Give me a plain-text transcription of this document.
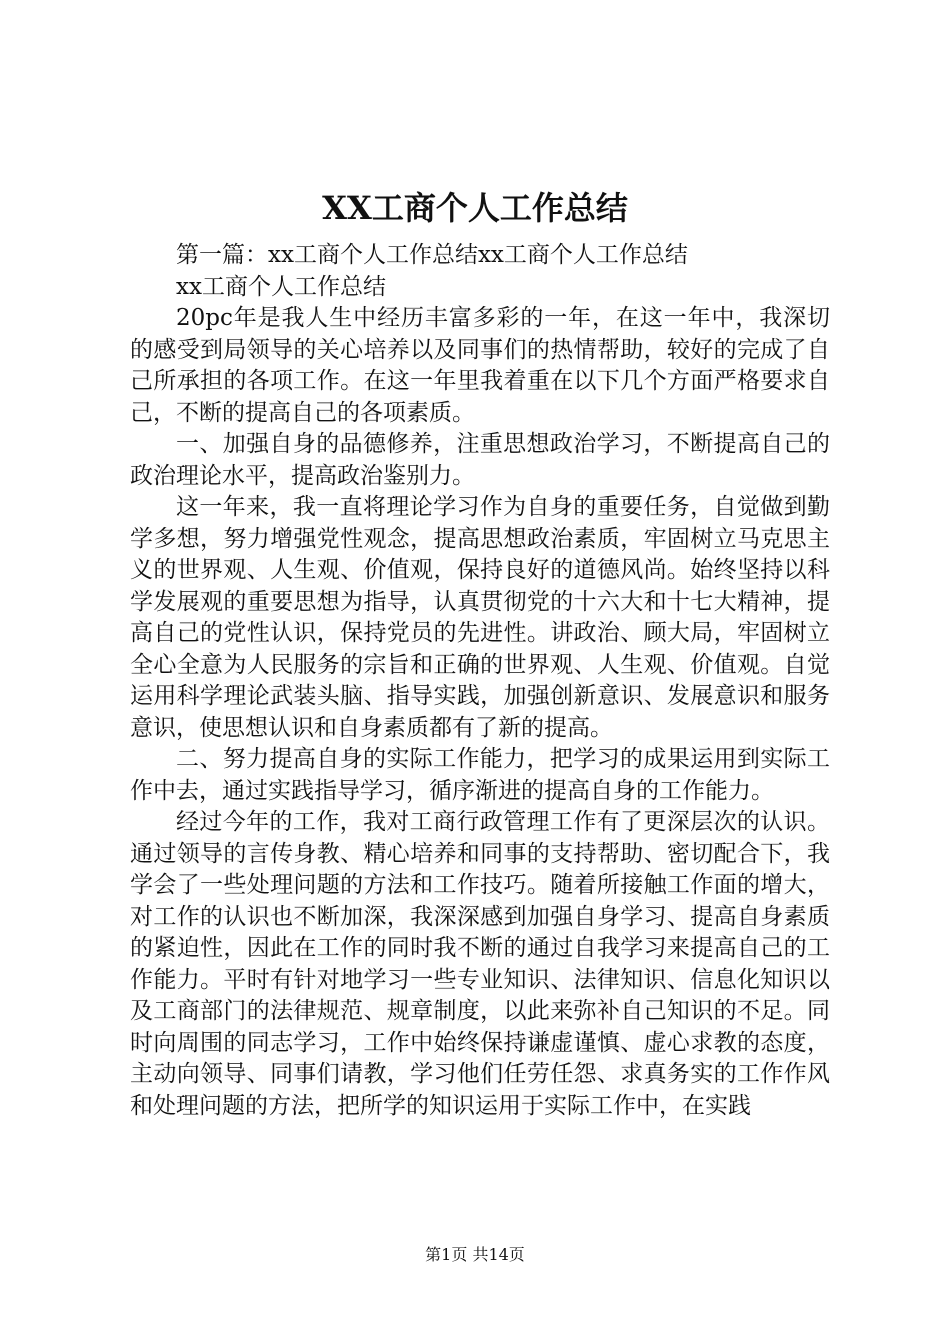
XX工商个人工作总结

第一篇：xx工商个人工作总结xx工商个人工作总结

xx工商个人工作总结

20pc年是我人生中经历丰富多彩的一年，在这一年中，我深切的感受到局领导的关心培养以及同事们的热情帮助，较好的完成了自己所承担的各项工作。在这一年里我着重在以下几个方面严格要求自己，不断的提高自己的各项素质。

一、加强自身的品德修养，注重思想政治学习，不断提高自己的政治理论水平，提高政治鉴别力。

这一年来，我一直将理论学习作为自身的重要任务，自觉做到勤学多想，努力增强党性观念，提高思想政治素质，牢固树立马克思主义的世界观、人生观、价值观，保持良好的道德风尚。始终坚持以科学发展观的重要思想为指导，认真贯彻党的十六大和十七大精神，提高自己的党性认识，保持党员的先进性。讲政治、顾大局，牢固树立全心全意为人民服务的宗旨和正确的世界观、人生观、价值观。自觉运用科学理论武装头脑、指导实践，加强创新意识、发展意识和服务意识，使思想认识和自身素质都有了新的提高。

二、努力提高自身的实际工作能力，把学习的成果运用到实际工作中去，通过实践指导学习，循序渐进的提高自身的工作能力。

经过今年的工作，我对工商行政管理工作有了更深层次的认识。通过领导的言传身教、精心培养和同事的支持帮助、密切配合下，我学会了一些处理问题的方法和工作技巧。随着所接触工作面的增大，对工作的认识也不断加深，我深深感到加强自身学习、提高自身素质的紧迫性，因此在工作的同时我不断的通过自我学习来提高自己的工作能力。平时有针对地学习一些专业知识、法律知识、信息化知识以及工商部门的法律规范、规章制度，以此来弥补自己知识的不足。同时向周围的同志学习，工作中始终保持谦虚谨慎、虚心求教的态度，主动向领导、同事们请教，学习他们任劳任怨、求真务实的工作作风和处理问题的方法，把所学的知识运用于实际工作中，在实践

第1页 共14页
